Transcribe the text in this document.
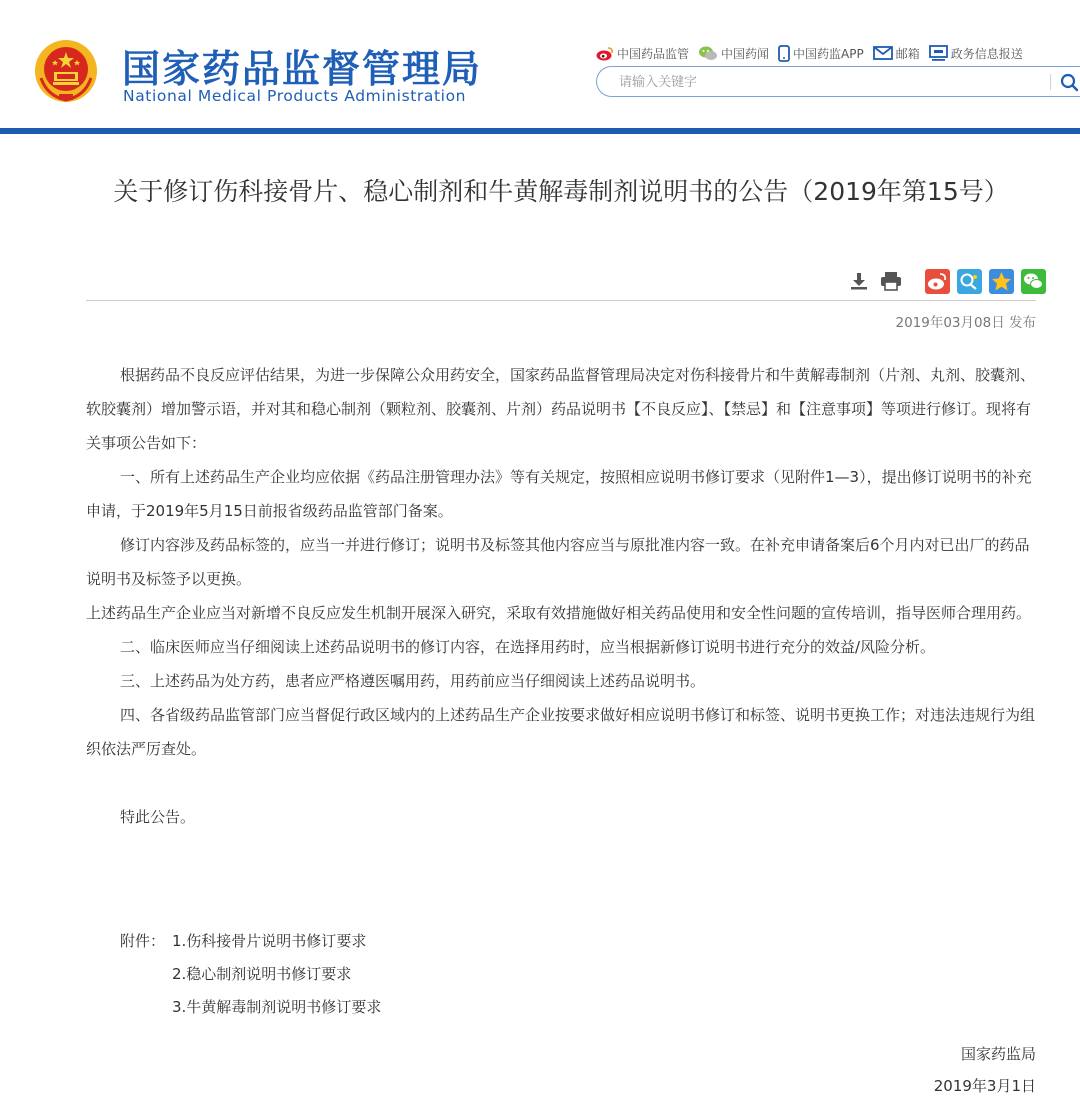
国家药品监督管理局
National Medical Products Administration
中国药品监管	中国药闻 中国药监APP	邮箱	政务信息报送
请输入关键字
关于修订伤科接骨片、稳心制剂和牛黄解毒制剂说明书的公告（2019年第15号）
2019年03月08日 发布

根据药品不良反应评估结果，为进一步保障公众用药安全，国家药品监督管理局决定对伤科接骨片和牛黄解毒制剂（片剂、丸剂、胶囊剂、软胶囊剂）增加警示语，并对其和稳心制剂（颗粒剂、胶囊剂、片剂）药品说明书【不良反应】、【禁忌】和【注意事项】等项进行修订。现将有关事项公告如下：

一、所有上述药品生产企业均应依据《药品注册管理办法》等有关规定，按照相应说明书修订要求（见附件1—3），提出修订说明书的补充申请，于2019年5月15日前报省级药品监管部门备案。

修订内容涉及药品标签的，应当一并进行修订；说明书及标签其他内容应当与原批准内容一致。在补充申请备案后6个月内对已出厂的药品说明书及标签予以更换。

上述药品生产企业应当对新增不良反应发生机制开展深入研究，采取有效措施做好相关药品使用和安全性问题的宣传培训，指导医师合理用药。

二、临床医师应当仔细阅读上述药品说明书的修订内容，在选择用药时，应当根据新修订说明书进行充分的效益/风险分析。

三、上述药品为处方药，患者应严格遵医嘱用药，用药前应当仔细阅读上述药品说明书。

四、各省级药品监管部门应当督促行政区域内的上述药品生产企业按要求做好相应说明书修订和标签、说明书更换工作；对违法违规行为组织依法严厉查处。

特此公告。

附件： 1.伤科接骨片说明书修订要求
2.稳心制剂说明书修订要求
3.牛黄解毒制剂说明书修订要求
国家药监局
2019年3月1日
